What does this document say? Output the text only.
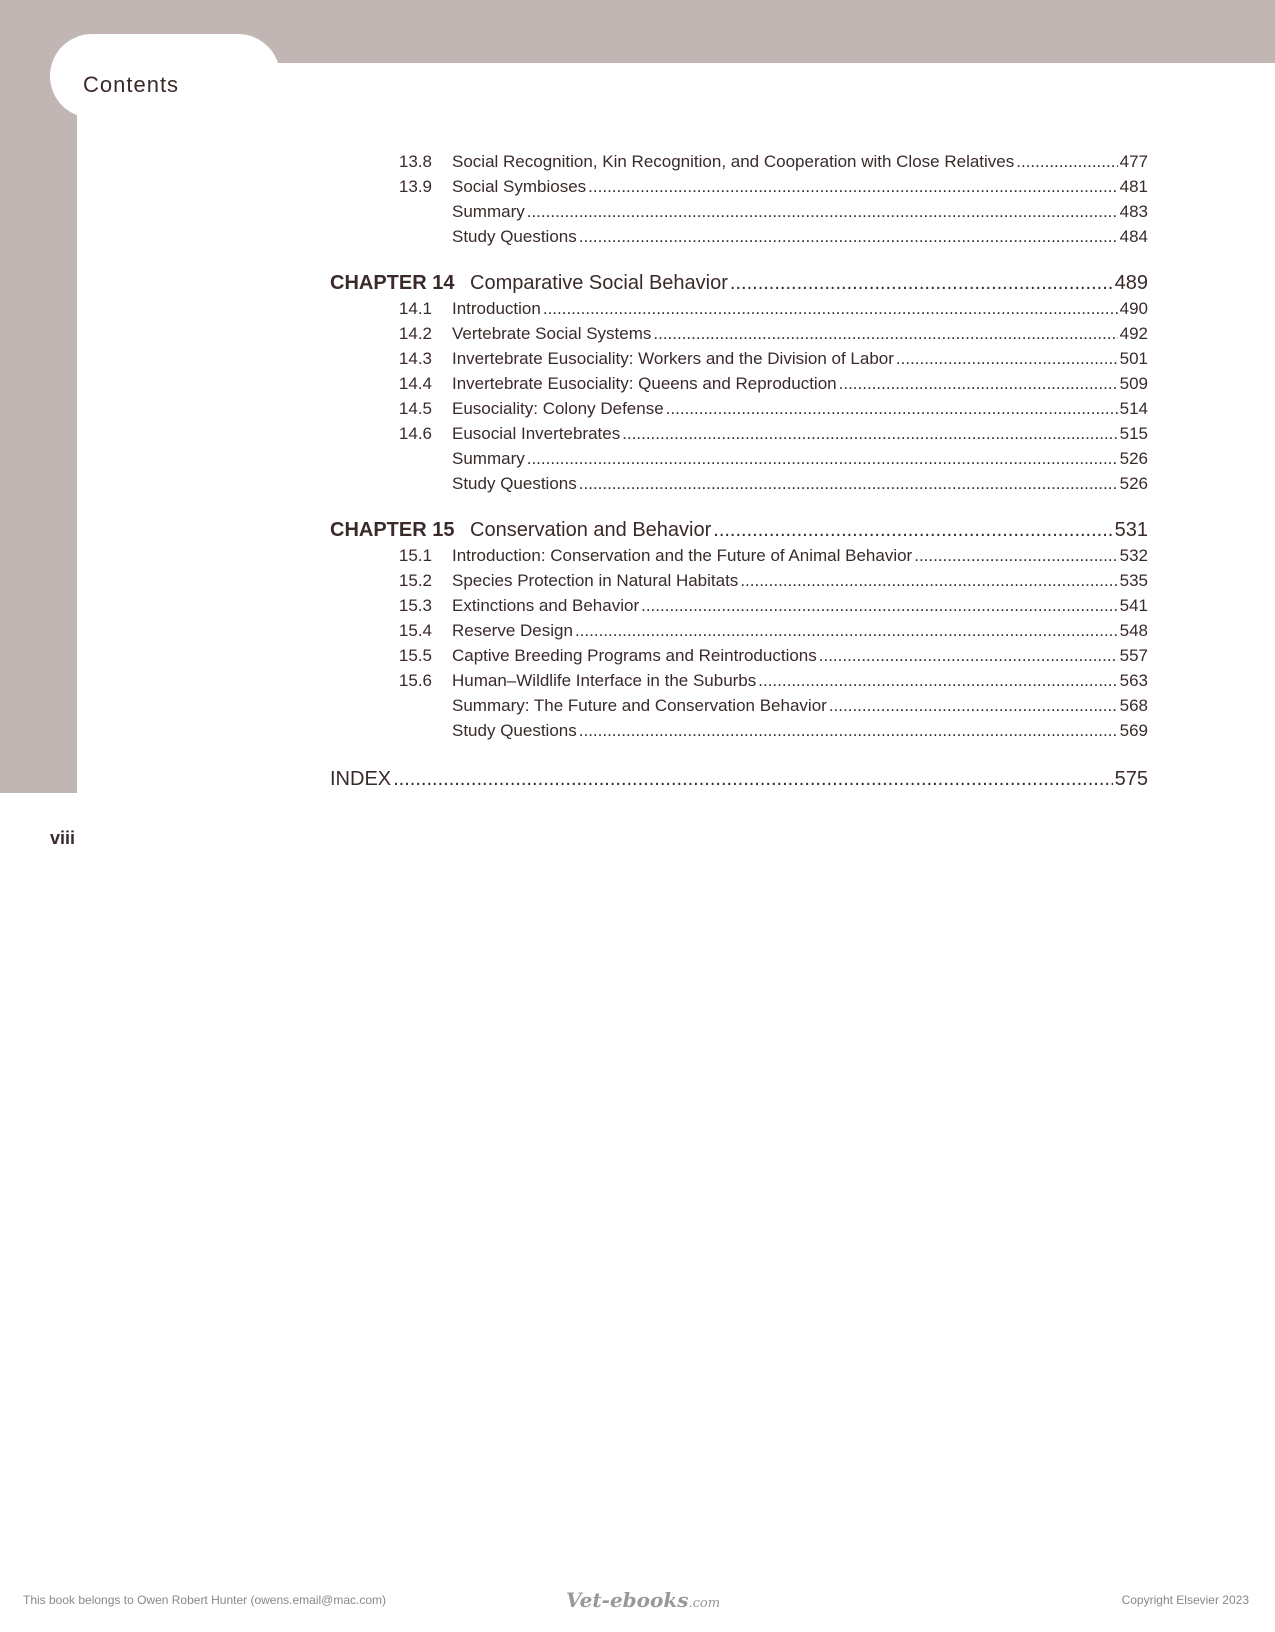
Contents
13.8	Social Recognition, Kin Recognition, and Cooperation with Close Relatives .....	477
13.9	Social Symbioses .....	481
Summary .....	483
Study Questions .....	484
CHAPTER 14 Comparative Social Behavior .....	489
14.1	Introduction .....	490
14.2	Vertebrate Social Systems .....	492
14.3	Invertebrate Eusociality: Workers and the Division of Labor .....	501
14.4	Invertebrate Eusociality: Queens and Reproduction .....	509
14.5	Eusociality: Colony Defense .....	514
14.6	Eusocial Invertebrates .....	515
Summary .....	526
Study Questions .....	526
CHAPTER 15 Conservation and Behavior .....	531
15.1	Introduction: Conservation and the Future of Animal Behavior .....	532
15.2	Species Protection in Natural Habitats .....	535
15.3	Extinctions and Behavior .....	541
15.4	Reserve Design .....	548
15.5	Captive Breeding Programs and Reintroductions .....	557
15.6	Human–Wildlife Interface in the Suburbs .....	563
Summary: The Future and Conservation Behavior .....	568
Study Questions .....	569
INDEX .....	575
viii
This book belongs to Owen Robert Hunter (owens.email@mac.com)	Vet-ebooks.com	Copyright Elsevier 2023
